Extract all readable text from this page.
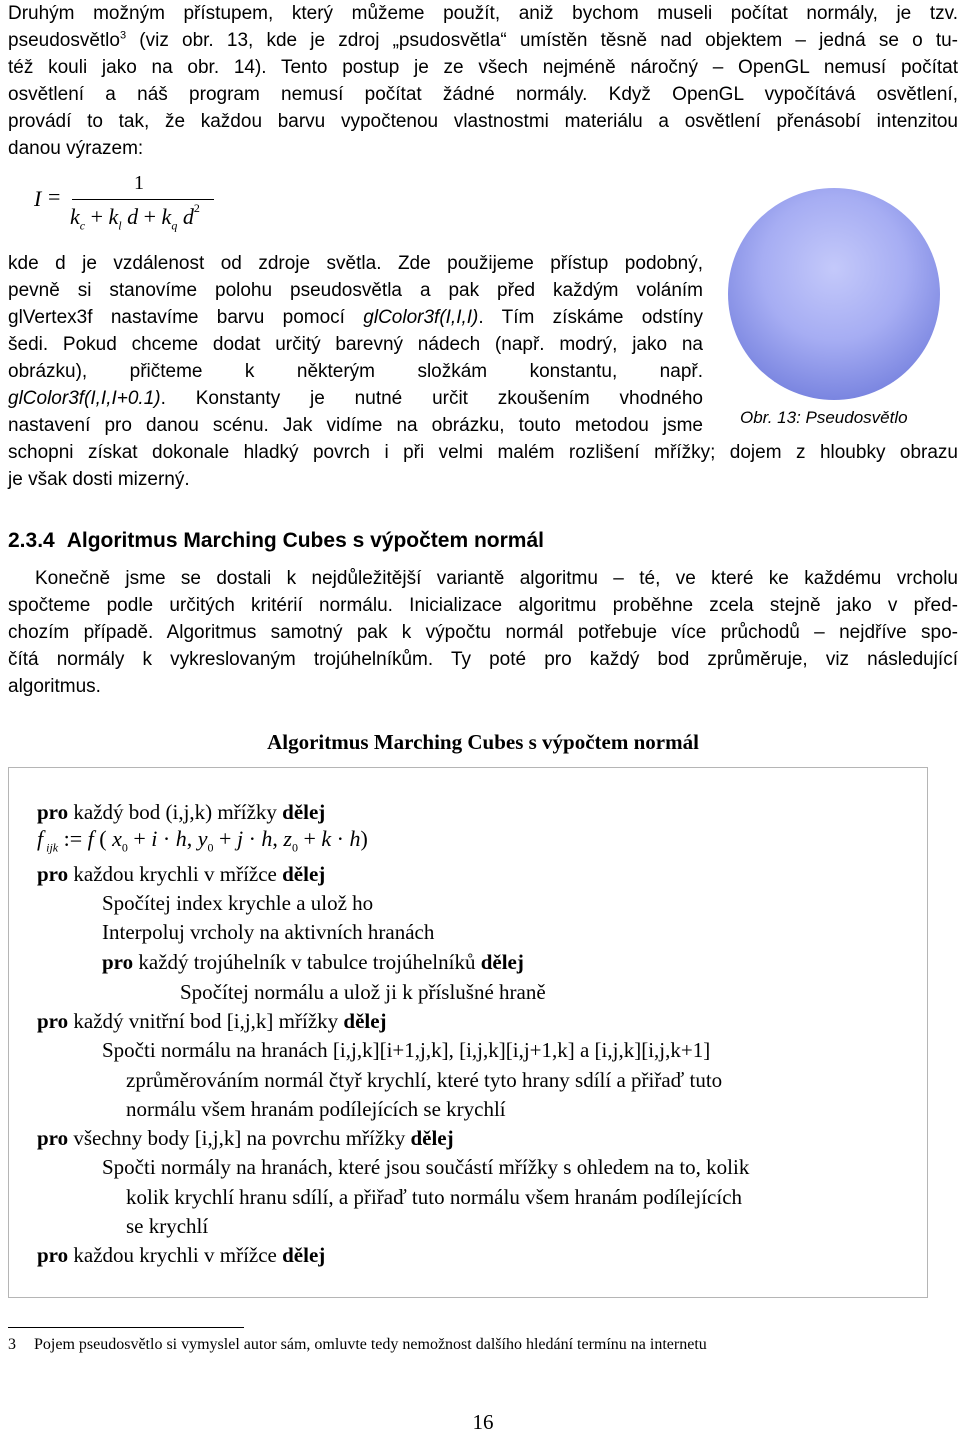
Druhým možným přístupem, který můžeme použít, aniž bychom museli počítat normály, je tzv.

pseudosvětlo$^3$ (viz obr. 13, kde je zdroj „psudosvětla“ umístěn těsně nad objektem – jedná se o tu-

též kouli jako na obr. 14). Tento postup je ze všech nejméně náročný – OpenGL nemusí počítat

osvětlení a náš program nemusí počítat žádné normály. Když OpenGL vypočítává osvětlení,

provádí to tak, že každou barvu vypočtenou vlastnostmi materiálu a osvětlení přenásobí intenzitou

danou výrazem:

I =
1
$k_c + k_l$ $d + k_q$ $d^2$

kde d je vzdálenost od zdroje světla. Zde použijeme přístup podobný,

pevně si stanovíme polohu pseudosvětla a pak před každým voláním

glVertex3f nastavíme barvu pomocí glColor3f(I,I,I). Tím získáme odstíny

šedi. Pokud chceme dodat určitý barevný nádech (např. modrý, jako na

obrázku), přičteme k některým složkám konstantu, např.

glColor3f(I,I,I+0.1). Konstanty je nutné určit zkoušením vhodného

nastavení pro danou scénu. Jak vidíme na obrázku, touto metodou jsme

schopni získat dokonale hladký povrch i při velmi malém rozlišení mřížky; dojem z hloubky obrazu

je však dosti mizerný.

Obr. 13: Pseudosvětlo
2.3.4 Algoritmus Marching Cubes s výpočtem normál

Konečně jsme se dostali k nejdůležitější variantě algoritmu – té, ve které ke každému vrcholu

spočteme podle určitých kritérií normálu. Inicializace algoritmu proběhne zcela stejně jako v před-

chozím případě. Algoritmus samotný pak k výpočtu normál potřebuje více průchodů – nejdříve spo-

čítá normály k vykreslovaným trojúhelníkům. Ty poté pro každý bod zprůměruje, viz následující

algoritmus.

Algoritmus Marching Cubes s výpočtem normál
pro každý bod (i,j,k) mřížky dělej
f $_{ijk}$ := f ( $x_0 + i \cdot h$, $y_0 + j \cdot h$, $z_0 + k \cdot h$)
pro každou krychli v mřížce dělej
Spočítej index krychle a ulož ho
Interpoluj vrcholy na aktivních hranách
pro každý trojúhelník v tabulce trojúhelníků dělej
Spočítej normálu a ulož ji k příslušné hraně
pro každý vnitřní bod [i,j,k] mřížky dělej
Spočti normálu na hranách [i,j,k][i+1,j,k], [i,j,k][i,j+1,k] a [i,j,k][i,j,k+1]
zprůměrováním normál čtyř krychlí, které tyto hrany sdílí a přiřaď tuto
normálu všem hranám podílejících se krychlí
pro všechny body [i,j,k] na povrchu mřížky dělej
Spočti normály na hranách, které jsou součástí mřížky s ohledem na to, kolik
kolik krychlí hranu sdílí, a přiřaď tuto normálu všem hranám podílejících
se krychlí
pro každou krychli v mřížce dělej
3 Pojem pseudosvětlo si vymyslel autor sám, omluvte tedy nemožnost dalšího hledání termínu na internetu
16
